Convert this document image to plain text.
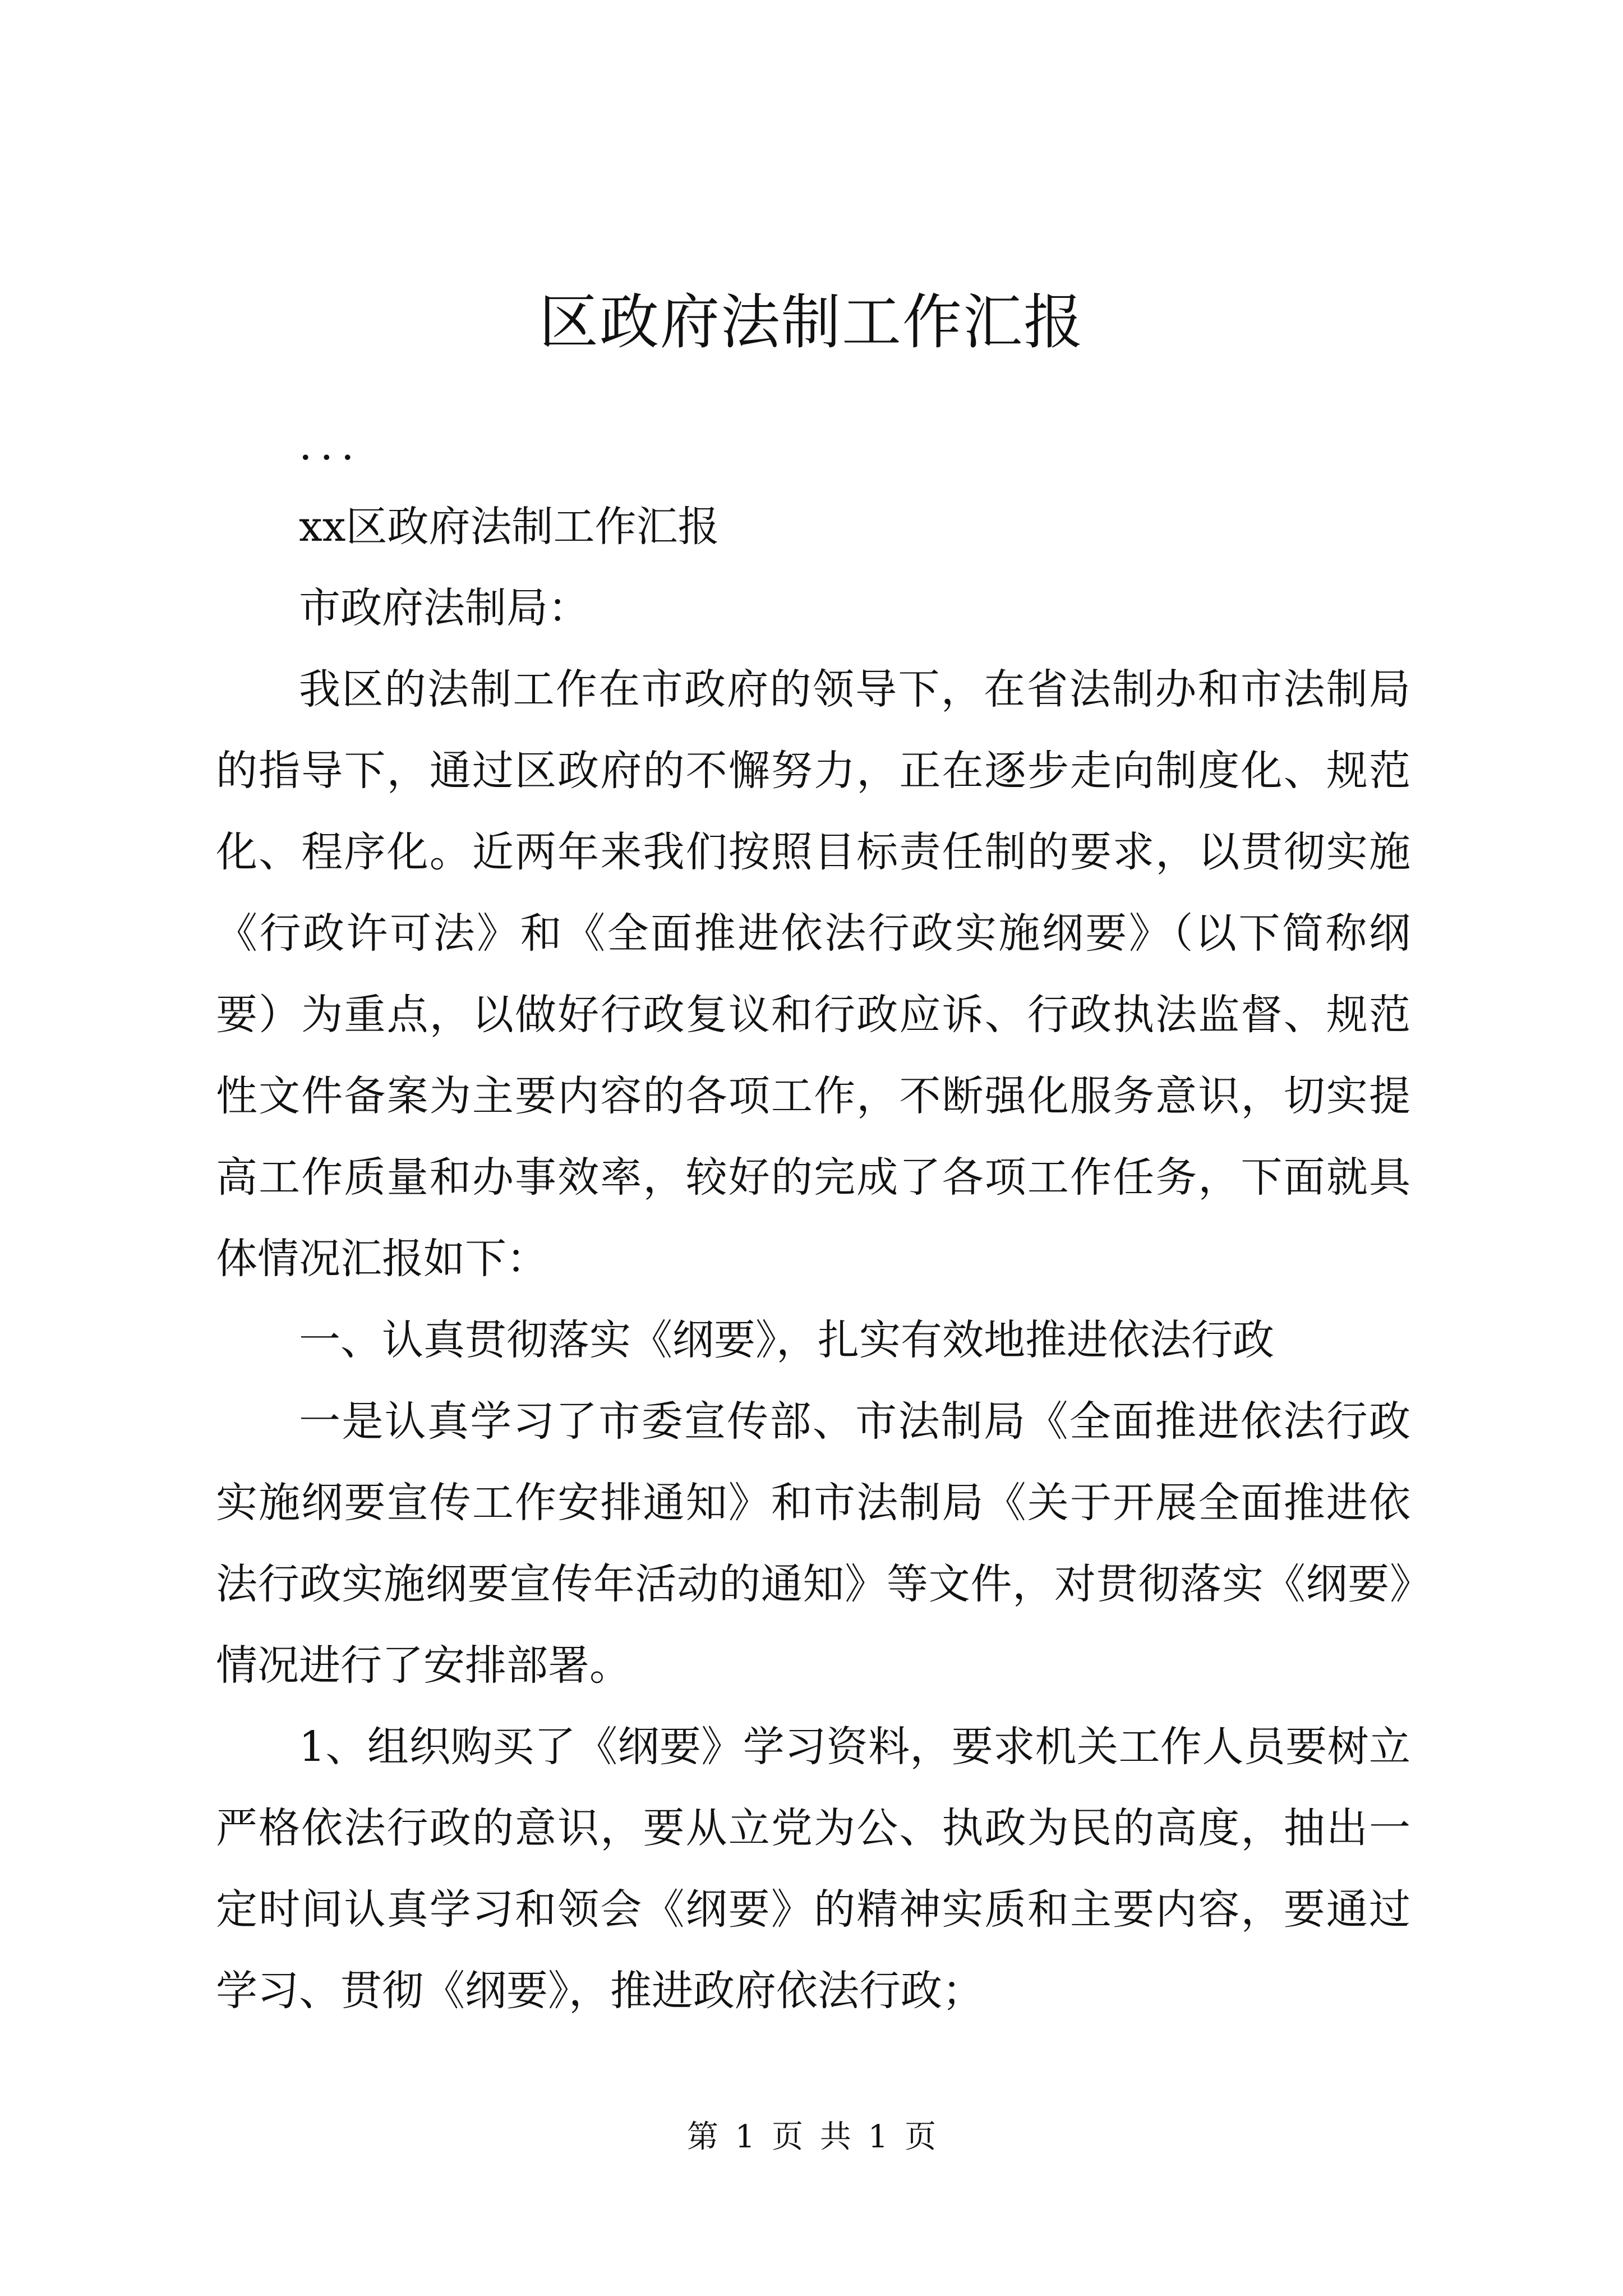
区政府法制工作汇报

...

xx区政府法制工作汇报

市政府法制局：

我区的法制工作在市政府的领导下，在省法制办和市法制局的指导下，通过区政府的不懈努力，正在逐步走向制度化、规范化、程序化。近两年来我们按照目标责任制的要求，以贯彻实施《行政许可法》和《全面推进依法行政实施纲要》（以下简称纲要）为重点，以做好行政复议和行政应诉、行政执法监督、规范性文件备案为主要内容的各项工作，不断强化服务意识，切实提高工作质量和办事效率，较好的完成了各项工作任务，下面就具体情况汇报如下：

一、认真贯彻落实《纲要》，扎实有效地推进依法行政

一是认真学习了市委宣传部、市法制局《全面推进依法行政实施纲要宣传工作安排通知》和市法制局《关于开展全面推进依法行政实施纲要宣传年活动的通知》等文件，对贯彻落实《纲要》情况进行了安排部署。

1、组织购买了《纲要》学习资料，要求机关工作人员要树立严格依法行政的意识，要从立党为公、执政为民的高度，抽出一定时间认真学习和领会《纲要》的精神实质和主要内容，要通过学习、贯彻《纲要》，推进政府依法行政；

第 1 页 共 1 页
